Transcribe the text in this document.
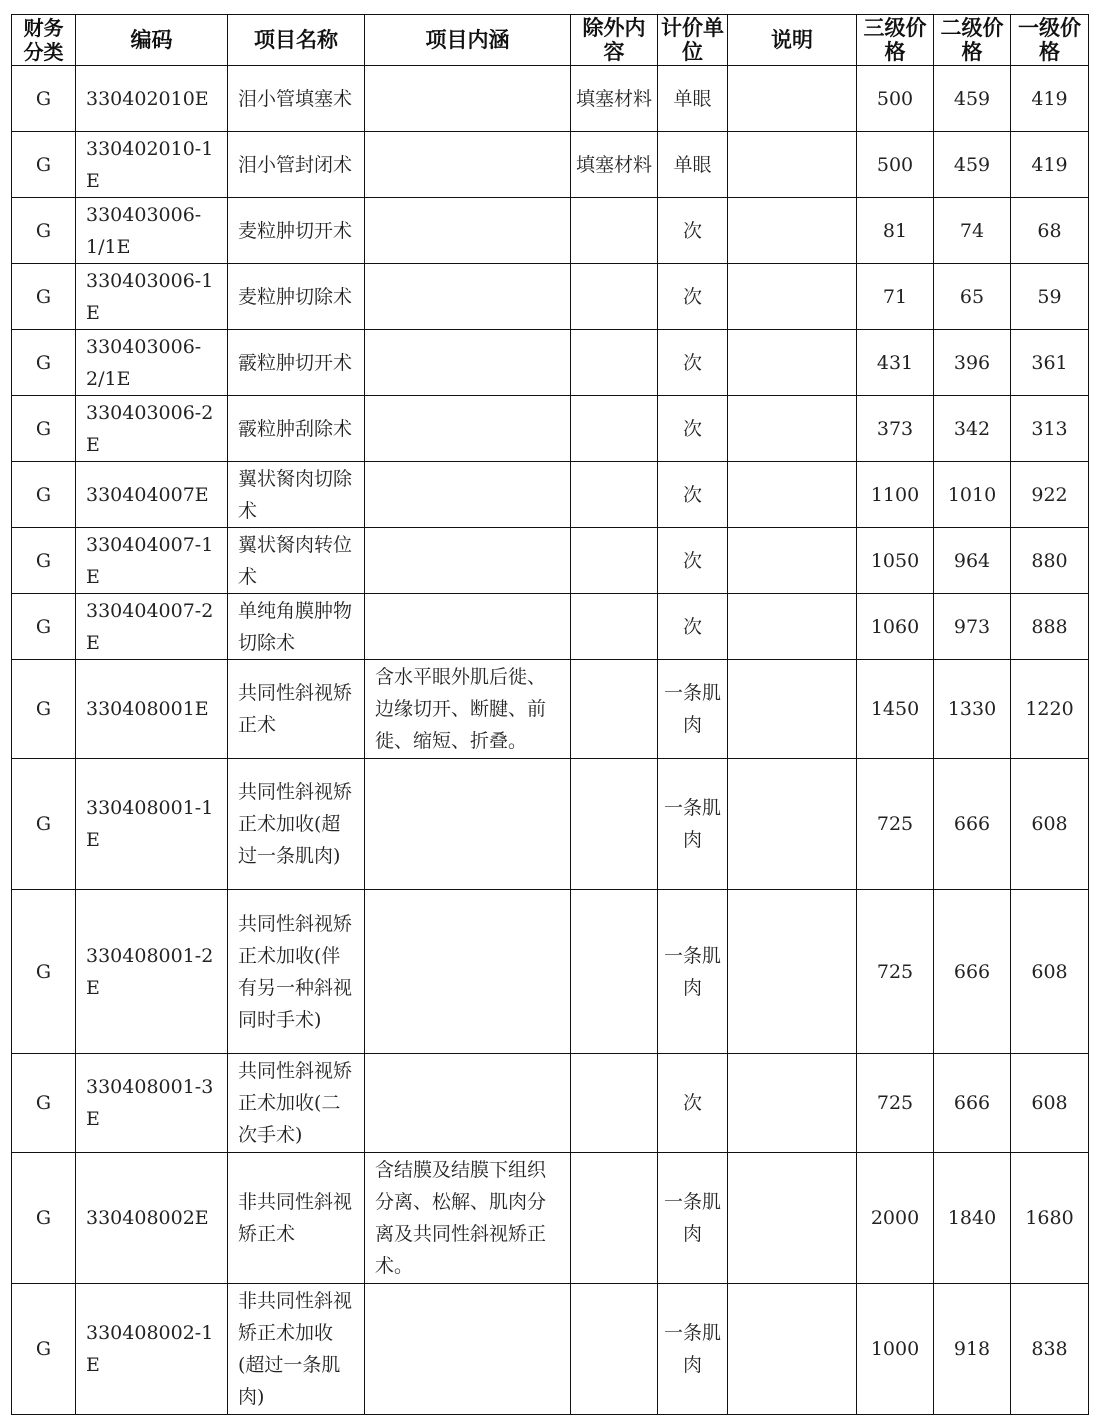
财务分类	编码	项目名称	项目内涵	除外内容	计价单位	说明	三级价格	二级价格	一级价格
G	330402010E	泪小管填塞术		填塞材料	单眼		500	459	419
G	330402010-1E	泪小管封闭术		填塞材料	单眼		500	459	419
G	330403006-1/1E	麦粒肿切开术			次		81	74	68
G	330403006-1E	麦粒肿切除术			次		71	65	59
G	330403006-2/1E	霰粒肿切开术			次		431	396	361
G	330403006-2E	霰粒肿刮除术			次		373	342	313
G	330404007E	翼状胬肉切除术			次		1100	1010	922
G	330404007-1E	翼状胬肉转位术			次		1050	964	880
G	330404007-2E	单纯角膜肿物切除术			次		1060	973	888
G	330408001E	共同性斜视矫正术	含水平眼外肌后徙、边缘切开、断腱、前徙、缩短、折叠。		一条肌肉		1450	1330	1220
G	330408001-1E	共同性斜视矫正术加收(超过一条肌肉)			一条肌肉		725	666	608
G	330408001-2E	共同性斜视矫正术加收(伴有另一种斜视同时手术)			一条肌肉		725	666	608
G	330408001-3E	共同性斜视矫正术加收(二次手术)			次		725	666	608
G	330408002E	非共同性斜视矫正术	含结膜及结膜下组织分离、松解、肌肉分离及共同性斜视矫正术。		一条肌肉		2000	1840	1680
G	330408002-1E	非共同性斜视矫正术加收(超过一条肌肉)			一条肌肉		1000	918	838
